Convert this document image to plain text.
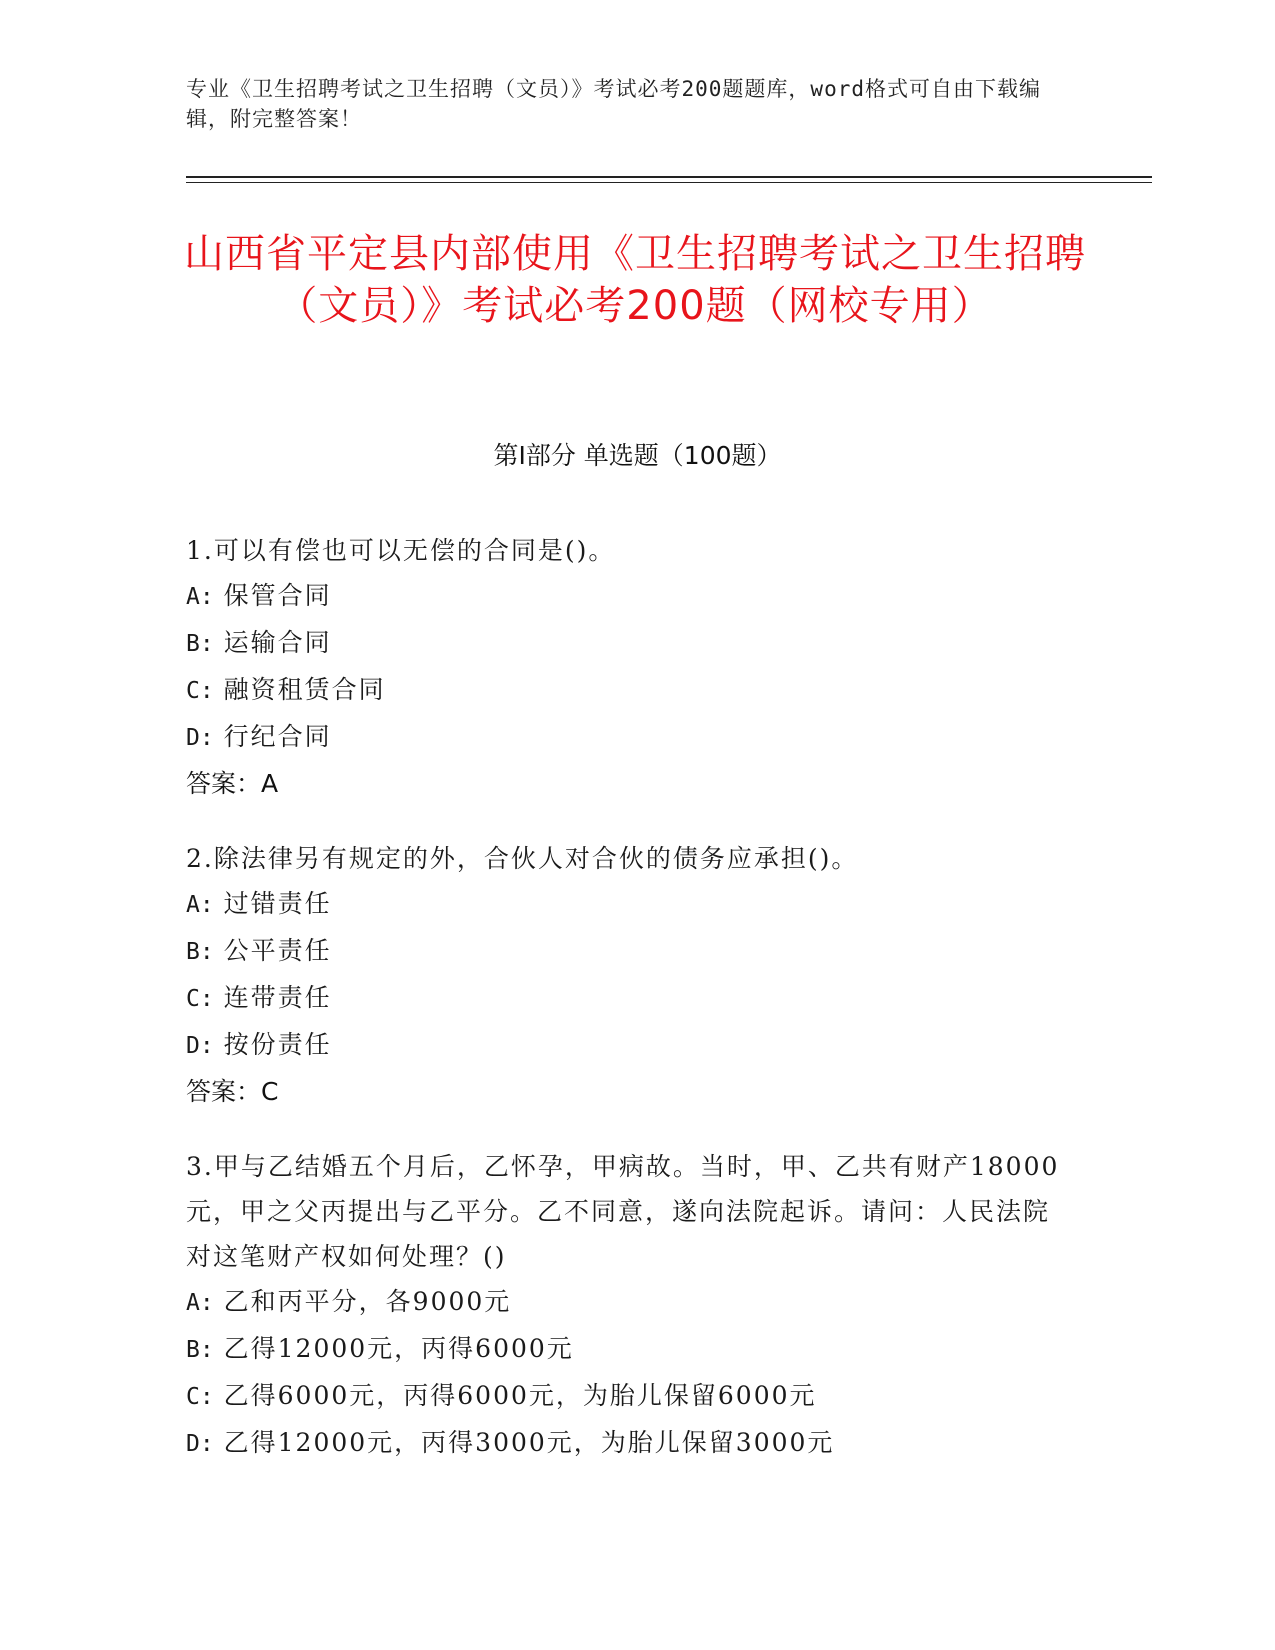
专业《卫生招聘考试之卫生招聘（文员）》考试必考200题题库，word格式可自由下载编辑，附完整答案！
山西省平定县内部使用《卫生招聘考试之卫生招聘（文员）》考试必考200题（网校专用）
第I部分 单选题（100题）
1.可以有偿也可以无偿的合同是()。
A: 保管合同
B: 运输合同
C: 融资租赁合同
D: 行纪合同
答案：A
2.除法律另有规定的外，合伙人对合伙的债务应承担()。
A: 过错责任
B: 公平责任
C: 连带责任
D: 按份责任
答案：C
3.甲与乙结婚五个月后，乙怀孕，甲病故。当时，甲、乙共有财产18000元，甲之父丙提出与乙平分。乙不同意，遂向法院起诉。请问：人民法院对这笔财产权如何处理？()
A: 乙和丙平分，各9000元
B: 乙得12000元，丙得6000元
C: 乙得6000元，丙得6000元，为胎儿保留6000元
D: 乙得12000元，丙得3000元，为胎儿保留3000元
